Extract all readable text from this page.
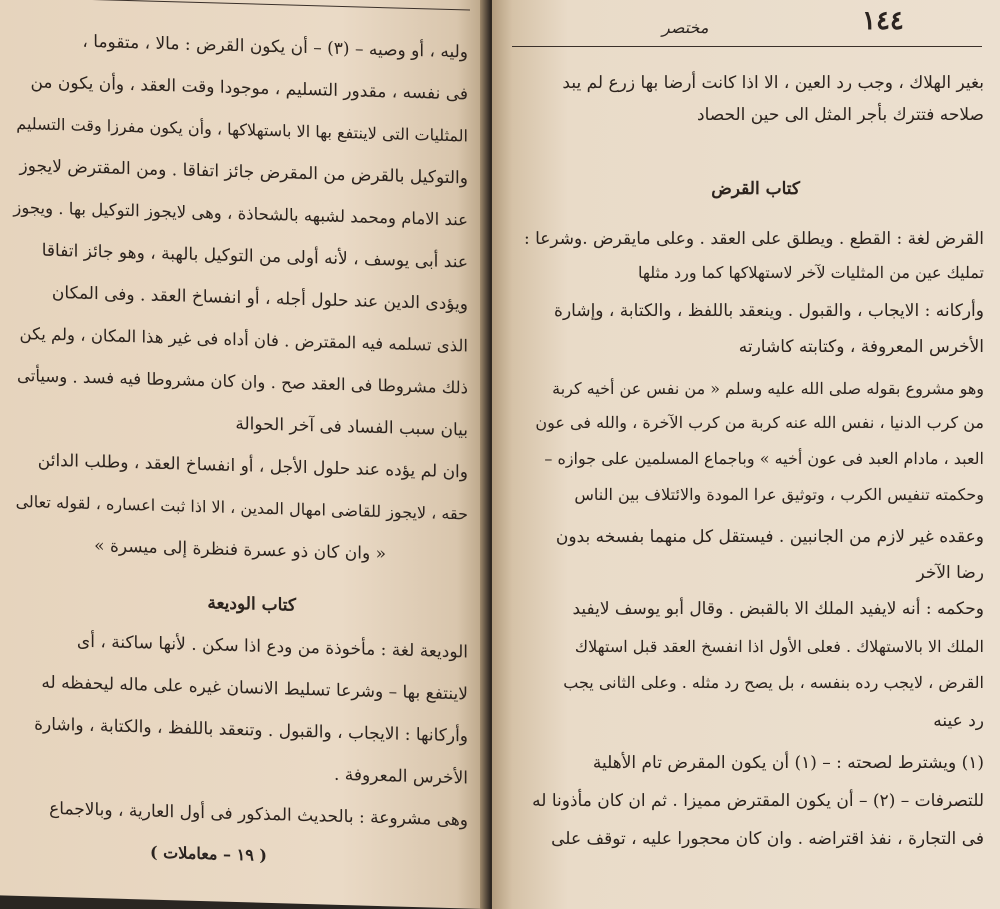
وليه ، أو وصيه – (٣) – أن يكون القرض : مالا ، متقوما ،
فى نفسه ، مقدور التسليم ، موجودا وقت العقد ، وأن يكون من
المثليات التى لاينتفع بها الا باستهلاكها ، وأن يكون مفرزا وقت التسليم
والتوكيل بالقرض من المقرض جائز اتفاقا . ومن المقترض لايجوز
عند الامام ومحمد لشبهه بالشحاذة ، وهى لايجوز التوكيل بها . ويجوز
عند أبى يوسف ، لأنه أولى من التوكيل بالهبة ، وهو جائز اتفاقا
ويؤدى الدين عند حلول أجله ، أو انفساخ العقد . وفى المكان
الذى تسلمه فيه المقترض . فان أداه فى غير هذا المكان ، ولم يكن
ذلك مشروطا فى العقد صح . وان كان مشروطا فيه فسد . وسيأتى
بيان سبب الفساد فى آخر الحوالة
وان لم يؤده عند حلول الأجل ، أو انفساخ العقد ، وطلب الدائن
حقه ، لايجوز للقاضى امهال المدين ، الا اذا ثبت اعساره ، لقوله تعالى
« وان كان ذو عسرة فنظرة إلى ميسرة »
كتاب الوديعة
الوديعة لغة : مأخوذة من ودع اذا سكن . لأنها ساكنة ، أى
لاينتفع بها – وشرعا تسليط الانسان غيره على ماله ليحفظه له
وأركانها : الايجاب ، والقبول . وتنعقد باللفظ ، والكتابة ، واشارة
الأخرس المعروفة .
وهى مشروعة : بالحديث المذكور فى أول العارية ، وبالاجماع
( ١٩ – معاملات )
١٤٤
مختصر
بغير الهلاك ، وجب رد العين ، الا اذا كانت أرضا بها زرع لم يبد
صلاحه فتترك بأجر المثل الى حين الحصاد
كتاب القرض
القرض لغة : القطع . ويطلق على العقد . وعلى مايقرض .وشرعا :
تمليك عين من المثليات لآخر لاستهلاكها كما ورد مثلها
وأركانه : الايجاب ، والقبول . وينعقد باللفظ ، والكتابة ، وإشارة
الأخرس المعروفة ، وكتابته كاشارته
وهو مشروع بقوله صلى الله عليه وسلم « من نفس عن أخيه كربة
من كرب الدنيا ، نفس الله عنه كربة من كرب الآخرة ، والله فى عون
العبد ، مادام العبد فى عون أخيه » وباجماع المسلمين على جوازه –
وحكمته تنفيس الكرب ، وتوثيق عرا المودة والائتلاف بين الناس
وعقده غير لازم من الجانبين . فيستقل كل منهما بفسخه بدون
رضا الآخر
وحكمه : أنه لايفيد الملك الا بالقبض . وقال أبو يوسف لايفيد
الملك الا بالاستهلاك . فعلى الأول اذا انفسخ العقد قبل استهلاك
القرض ، لايجب رده بنفسه ، بل يصح رد مثله . وعلى الثانى يجب
رد عينه
(١) ويشترط لصحته : – (١) أن يكون المقرض تام الأهلية
للتصرفات – (٢) – أن يكون المقترض مميزا . ثم ان كان مأذونا له
فى التجارة ، نفذ اقتراضه . وان كان محجورا عليه ، توقف على
